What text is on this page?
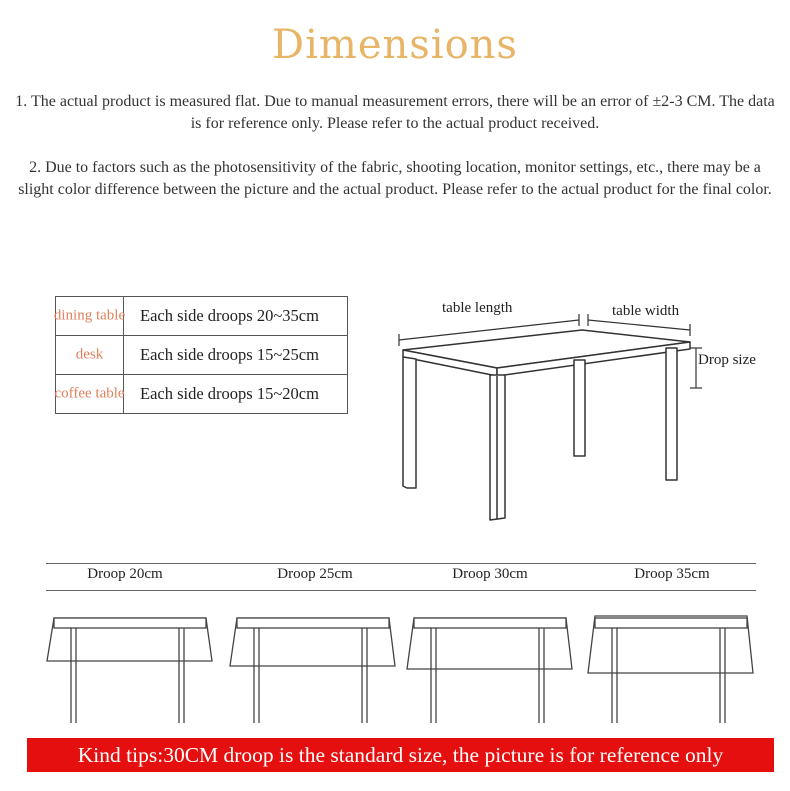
Dimensions
1. The actual product is measured flat. Due to manual measurement errors, there will be an error of ±2-3 CM. The data is for reference only. Please refer to the actual product received.
2. Due to factors such as the photosensitivity of the fabric, shooting location, monitor settings, etc., there may be a slight color difference between the picture and the actual product. Please refer to the actual product for the final color.
dining table	Each side droops 20~35cm

desk	Each side droops 15~25cm

coffee table	Each side droops 15~20cm
table length	table width
Drop size
Droop 20cm	Droop 25cm	Droop 30cm	Droop 35cm
Kind tips:30CM droop is the standard size, the picture is for reference only
